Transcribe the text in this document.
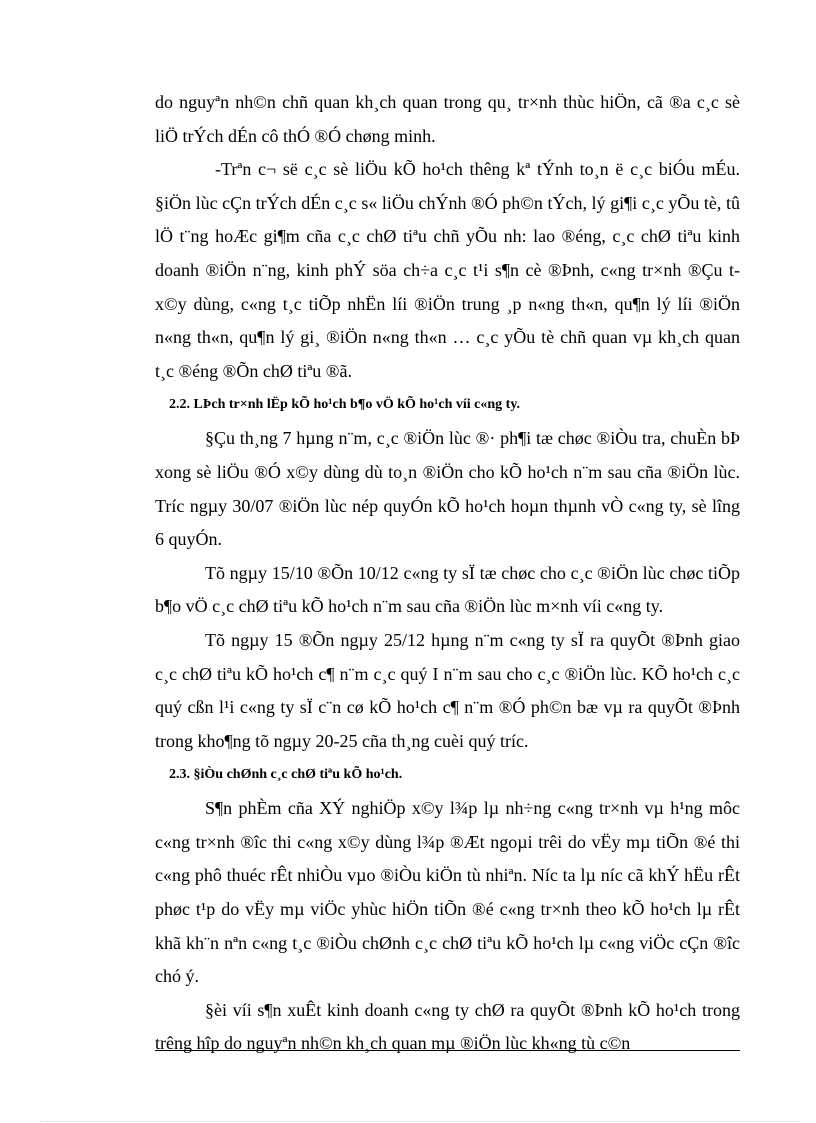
do nguyªn nh©n chñ quan kh¸ch quan trong qu¸ tr×nh thùc hiÖn, cã ®a c¸c sè liÖ trÝch dÉn cô thÓ ®Ó chøng minh.

-Trªn c¬ së c¸c sè liÖu kÕ ho¹ch thêng kª tÝnh to¸n ë c¸c biÓu mÉu. §iÖn lùc cÇn trÝch dÉn c¸c s« liÖu chÝnh ®Ó ph©n tÝch, lý gi¶i c¸c yÕu tè, tû lÖ t¨ng hoÆc gi¶m cña c¸c chØ tiªu chñ yÕu nh: lao ®éng, c¸c chØ tiªu kinh doanh ®iÖn n¨ng, kinh phÝ söa ch÷a c¸c t¹i s¶n cè ®Þnh, c«ng tr×nh ®Çu t x©y dùng, c«ng t¸c tiÕp nhËn líi ®iÖn trung ¸p n«ng th«n, qu¶n lý líi ®iÖn n«ng th«n, qu¶n lý gi¸ ®iÖn n«ng th«n … c¸c yÕu tè chñ quan vµ kh¸ch quan t¸c ®éng ®Õn chØ tiªu ®ã.

2.2. LÞch tr×nh lËp kÕ ho¹ch b¶o vÖ kÕ ho¹ch víi c«ng ty.

§Çu th¸ng 7 hµng n¨m, c¸c ®iÖn lùc ®· ph¶i tæ chøc ®iÒu tra, chuÈn bÞ xong sè liÖu ®Ó x©y dùng dù to¸n ®iÖn cho kÕ ho¹ch n¨m sau cña ®iÖn lùc. Tríc ngµy 30/07 ®iÖn lùc nép quyÓn kÕ ho¹ch hoµn thµnh vÒ c«ng ty, sè lîng 6 quyÓn.

Tõ ngµy 15/10 ®Õn 10/12 c«ng ty sÏ tæ chøc cho c¸c ®iÖn lùc chøc tiÕp b¶o vÖ c¸c chØ tiªu kÕ ho¹ch n¨m sau cña ®iÖn lùc m×nh víi c«ng ty.

Tõ ngµy 15 ®Õn ngµy 25/12 hµng n¨m c«ng ty sÏ ra quyÕt ®Þnh giao c¸c chØ tiªu kÕ ho¹ch c¶ n¨m c¸c quý I n¨m sau cho c¸c ®iÖn lùc. KÕ ho¹ch c¸c quý cßn l¹i c«ng ty sÏ c¨n cø kÕ ho¹ch c¶ n¨m ®Ó ph©n bæ vµ ra quyÕt ®Þnh trong kho¶ng tõ ngµy 20-25 cña th¸ng cuèi quý tríc.

2.3. §iÒu chØnh c¸c chØ tiªu kÕ ho¹ch.

S¶n phÈm cña XÝ nghiÖp x©y l¾p lµ nh÷ng c«ng tr×nh vµ h¹ng môc c«ng tr×nh ®îc thi c«ng x©y dùng l¾p ®Æt ngoµi trêi do vËy mµ tiÕn ®é thi c«ng phô thuéc rÊt nhiÒu vµo ®iÒu kiÖn tù nhiªn. Níc ta lµ níc cã khÝ hËu rÊt phøc t¹p do vËy mµ viÖc yhùc hiÖn tiÕn ®é c«ng tr×nh theo kÕ ho¹ch lµ rÊt khã kh¨n nªn c«ng t¸c ®iÒu chØnh c¸c chØ tiªu kÕ ho¹ch lµ c«ng viÖc cÇn ®îc chó ý.

§èi víi s¶n xuÊt kinh doanh c«ng ty chØ ra quyÕt ®Þnh kÕ ho¹ch trong trêng hîp do nguyªn nh©n kh¸ch quan mµ ®iÖn lùc kh«ng tù c©n
